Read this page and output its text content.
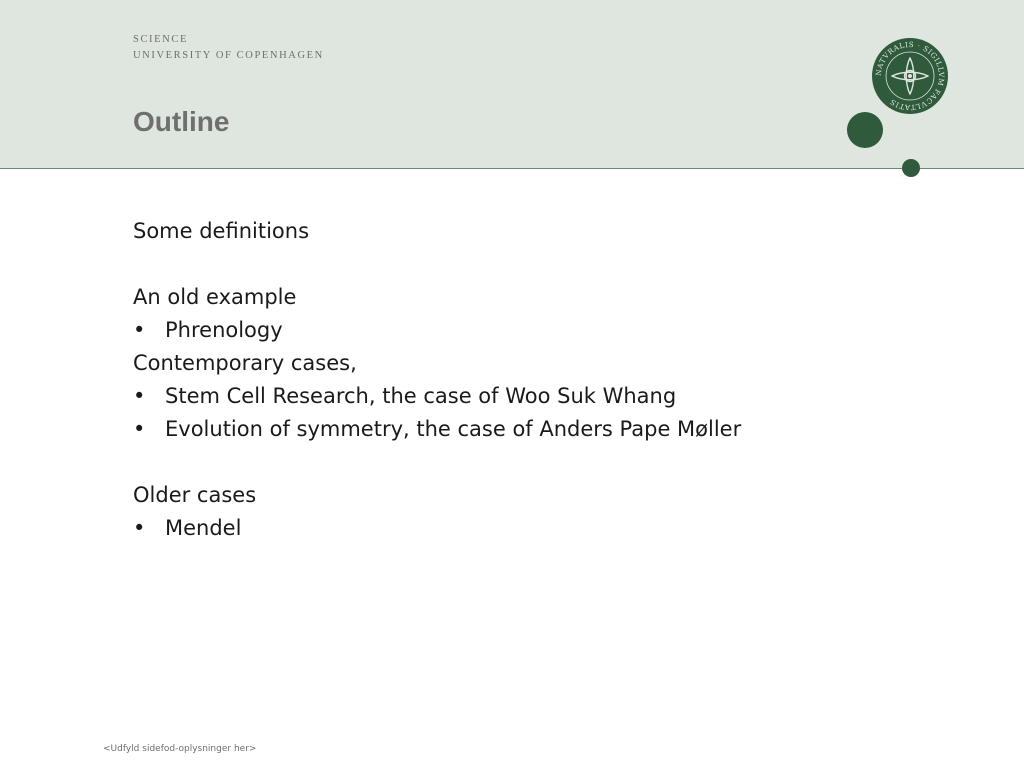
SCIENCE
UNIVERSITY OF COPENHAGEN
Outline
NATVRALIS · SIGILLVM FACVLTATIS
Some definitions
An old example
• Phrenology
Contemporary cases,
• Stem Cell Research, the case of Woo Suk Whang
• Evolution of symmetry, the case of Anders Pape Møller
Older cases
• Mendel
<Udfyld sidefod-oplysninger her>
